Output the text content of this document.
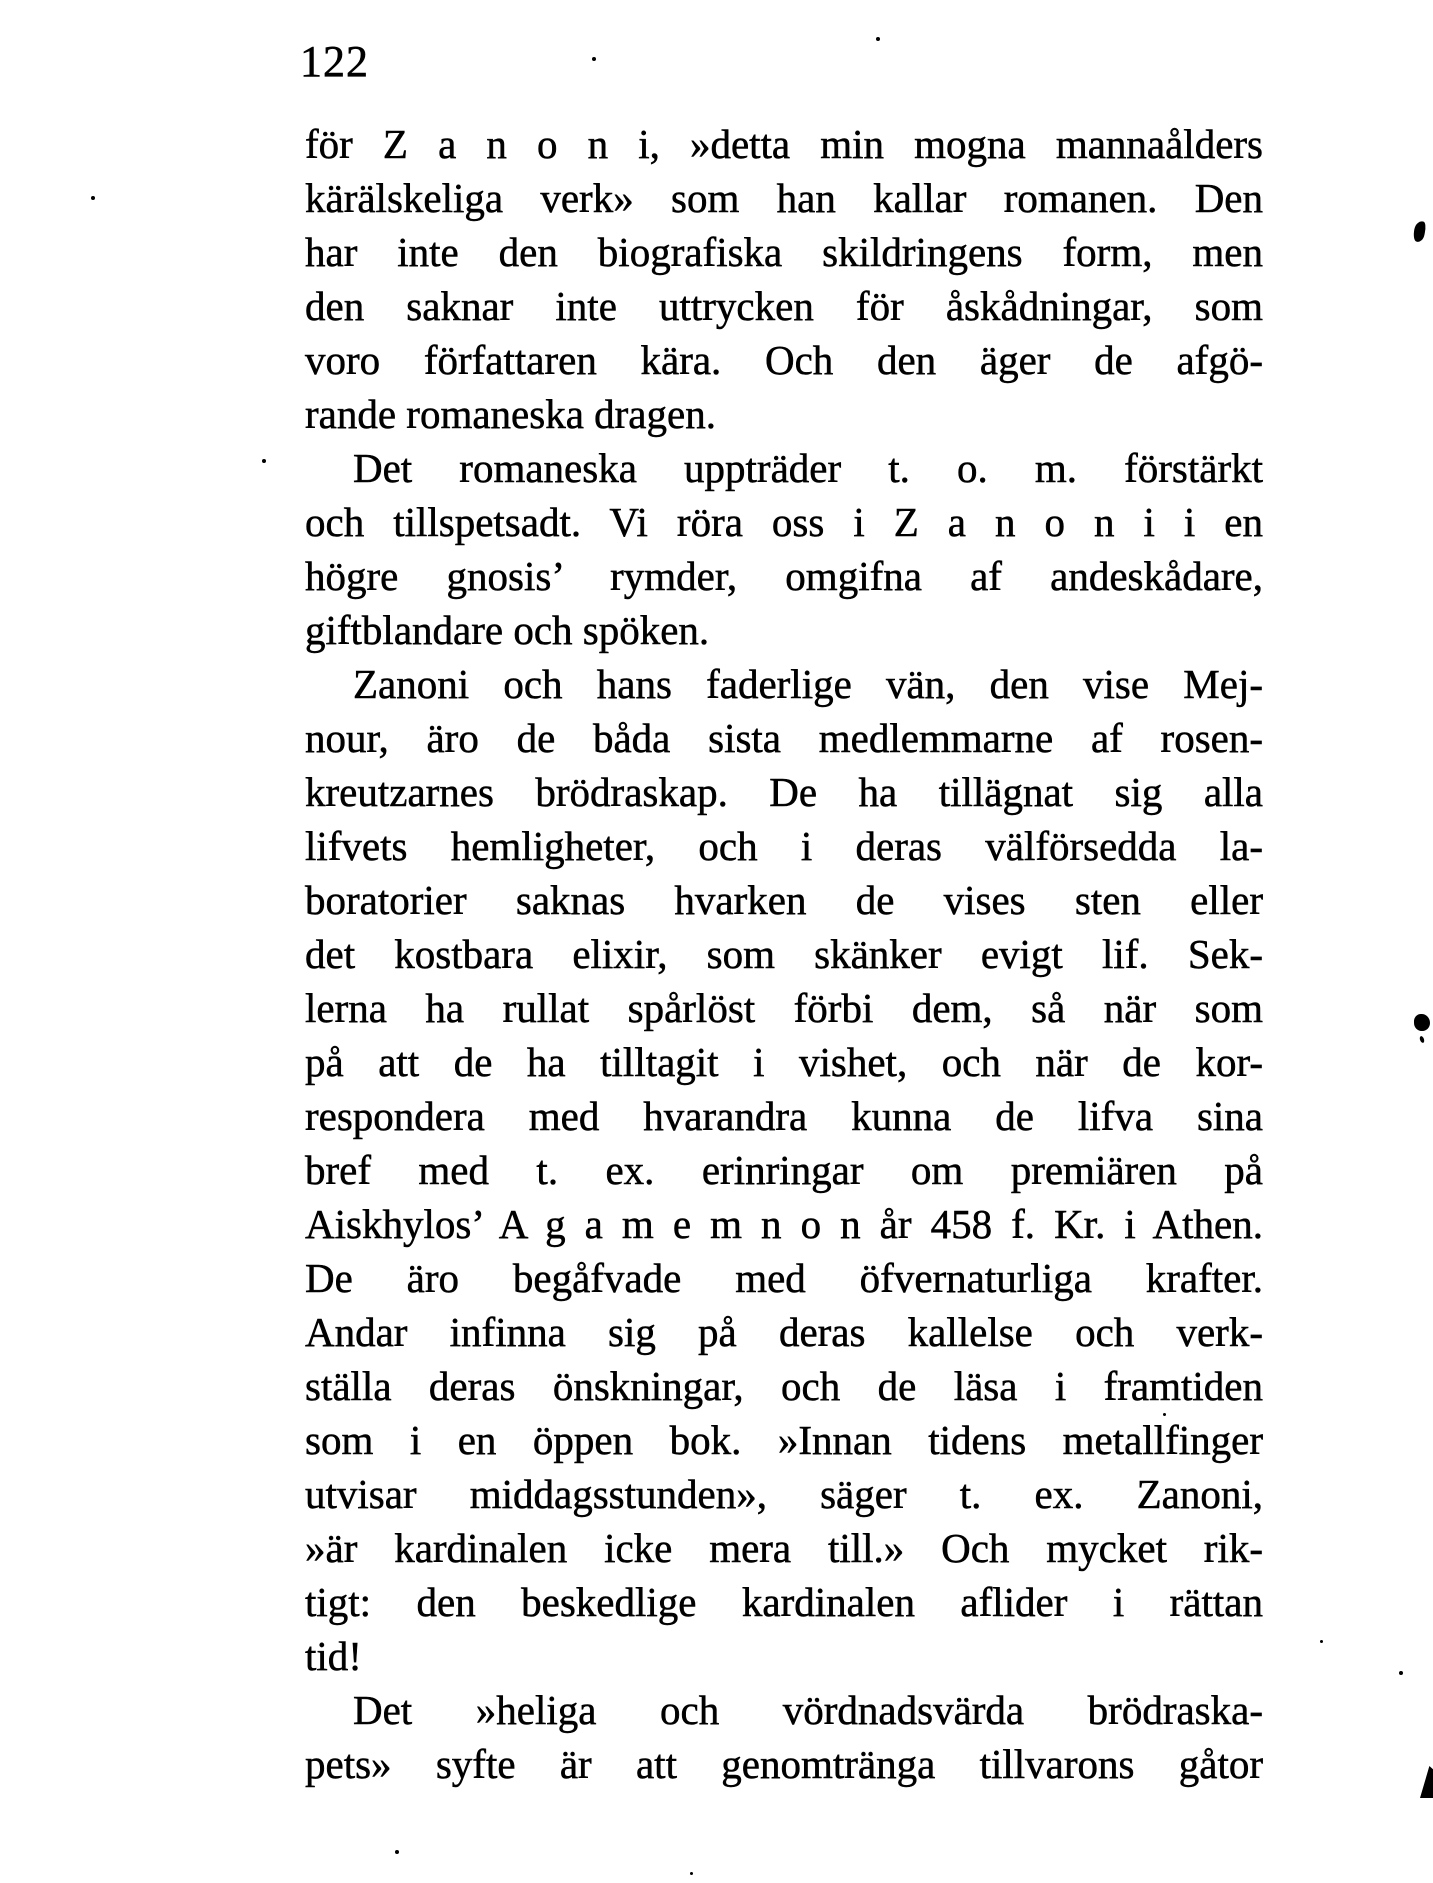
122
för Z a n o n i, »detta min mogna mannaålders
kärälskeliga verk» som han kallar romanen. Den
har inte den biografiska skildringens form, men
den saknar inte uttrycken för åskådningar, som
voro författaren kära. Och den äger de afgö-
rande romaneska dragen.
Det romaneska uppträder t. o. m. förstärkt
och tillspetsadt. Vi röra oss i Z a n o n i i en
högre gnosis’ rymder, omgifna af andeskådare,
giftblandare och spöken.
Zanoni och hans faderlige vän, den vise Mej-
nour, äro de båda sista medlemmarne af rosen-
kreutzarnes brödraskap. De ha tillägnat sig alla
lifvets hemligheter, och i deras välförsedda la-
boratorier saknas hvarken de vises sten eller
det kostbara elixir, som skänker evigt lif. Sek-
lerna ha rullat spårlöst förbi dem, så när som
på att de ha tilltagit i vishet, och när de kor-
respondera med hvarandra kunna de lifva sina
bref med t. ex. erinringar om premiären på
Aiskhylos’ A g a m e m n o n år 458 f. Kr. i Athen.
De äro begåfvade med öfvernaturliga krafter.
Andar infinna sig på deras kallelse och verk-
ställa deras önskningar, och de läsa i framtiden
som i en öppen bok. »Innan tidens metallfinger
utvisar middagsstunden», säger t. ex. Zanoni,
»är kardinalen icke mera till.» Och mycket rik-
tigt: den beskedlige kardinalen aflider i rättan
tid!
Det »heliga och vördnadsvärda brödraska-
pets» syfte är att genomtränga tillvarons gåtor
